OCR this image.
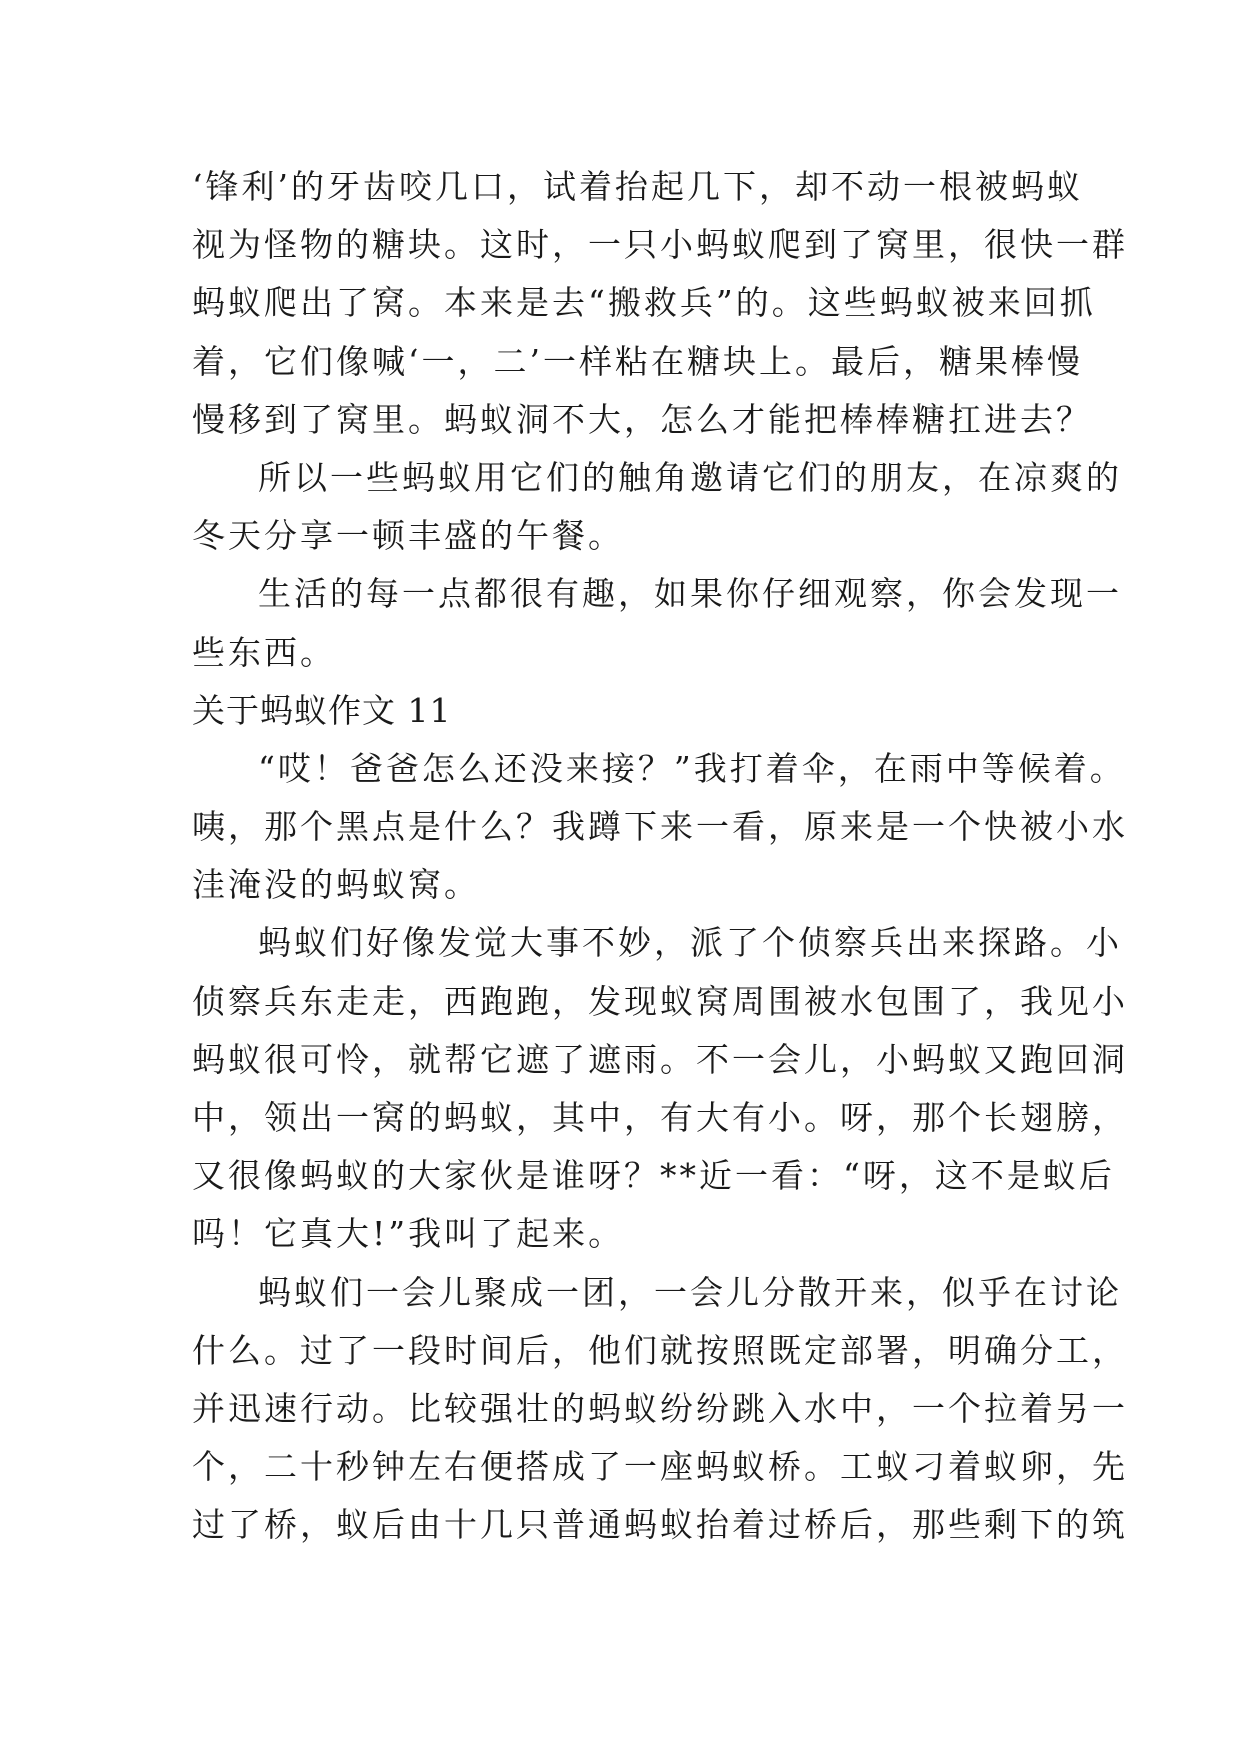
‘锋利’的牙齿咬几口，试着抬起几下，却不动一根被蚂蚁
视为怪物的糖块。这时，一只小蚂蚁爬到了窝里，很快一群
蚂蚁爬出了窝。本来是去“搬救兵”的。这些蚂蚁被来回抓
着，它们像喊‘一，二’一样粘在糖块上。最后，糖果棒慢
慢移到了窝里。蚂蚁洞不大，怎么才能把棒棒糖扛进去？
所以一些蚂蚁用它们的触角邀请它们的朋友，在凉爽的
冬天分享一顿丰盛的午餐。
生活的每一点都很有趣，如果你仔细观察，你会发现一
些东西。
关于蚂蚁作文 11
“哎！爸爸怎么还没来接？”我打着伞，在雨中等候着。
咦，那个黑点是什么？我蹲下来一看，原来是一个快被小水
洼淹没的蚂蚁窝。
蚂蚁们好像发觉大事不妙，派了个侦察兵出来探路。小
侦察兵东走走，西跑跑，发现蚁窝周围被水包围了，我见小
蚂蚁很可怜，就帮它遮了遮雨。不一会儿，小蚂蚁又跑回洞
中，领出一窝的蚂蚁，其中，有大有小。呀，那个长翅膀，
又很像蚂蚁的大家伙是谁呀？**近一看：“呀，这不是蚁后
吗！它真大!”我叫了起来。
蚂蚁们一会儿聚成一团，一会儿分散开来，似乎在讨论
什么。过了一段时间后，他们就按照既定部署，明确分工，
并迅速行动。比较强壮的蚂蚁纷纷跳入水中，一个拉着另一
个，二十秒钟左右便搭成了一座蚂蚁桥。工蚁刁着蚁卵，先
过了桥，蚁后由十几只普通蚂蚁抬着过桥后，那些剩下的筑
